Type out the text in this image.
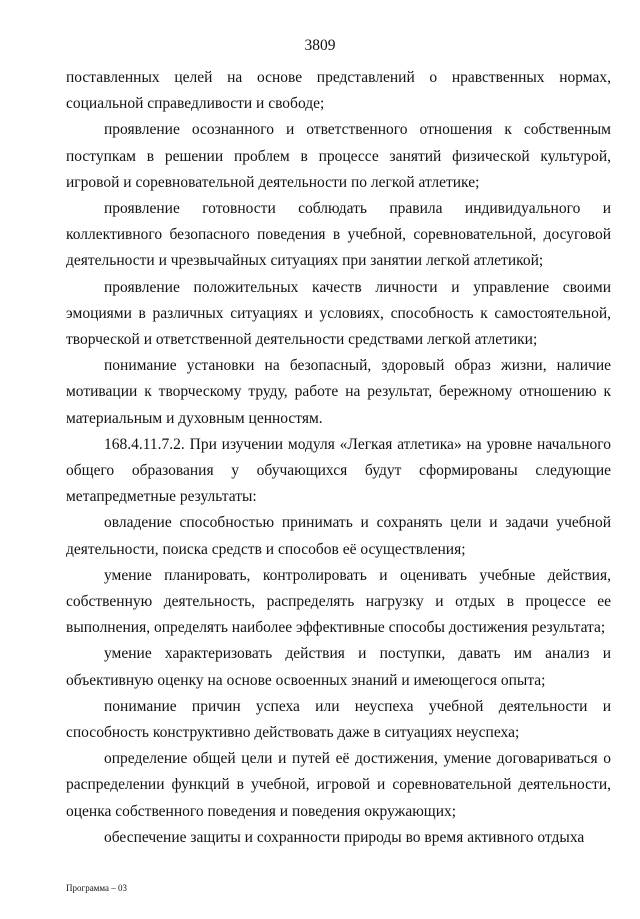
3809

поставленных целей на основе представлений о нравственных нормах, социальной справедливости и свободе;

проявление осознанного и ответственного отношения к собственным поступкам в решении проблем в процессе занятий физической культурой, игровой и соревновательной деятельности по легкой атлетике;

проявление готовности соблюдать правила индивидуального и коллективного безопасного поведения в учебной, соревновательной, досуговой деятельности и чрезвычайных ситуациях при занятии легкой атлетикой;

проявление положительных качеств личности и управление своими эмоциями в различных ситуациях и условиях, способность к самостоятельной, творческой и ответственной деятельности средствами легкой атлетики;

понимание установки на безопасный, здоровый образ жизни, наличие мотивации к творческому труду, работе на результат, бережному отношению к материальным и духовным ценностям.

168.4.11.7.2. При изучении модуля «Легкая атлетика» на уровне начального общего образования у обучающихся будут сформированы следующие метапредметные результаты:

овладение способностью принимать и сохранять цели и задачи учебной деятельности, поиска средств и способов её осуществления;

умение планировать, контролировать и оценивать учебные действия, собственную деятельность, распределять нагрузку и отдых в процессе ее выполнения, определять наиболее эффективные способы достижения результата;

умение характеризовать действия и поступки, давать им анализ и объективную оценку на основе освоенных знаний и имеющегося опыта;

понимание причин успеха или неуспеха учебной деятельности и способность конструктивно действовать даже в ситуациях неуспеха;

определение общей цели и путей её достижения, умение договариваться о распределении функций в учебной, игровой и соревновательной деятельности, оценка собственного поведения и поведения окружающих;

обеспечение защиты и сохранности природы во время активного отдыха

Программа – 03
